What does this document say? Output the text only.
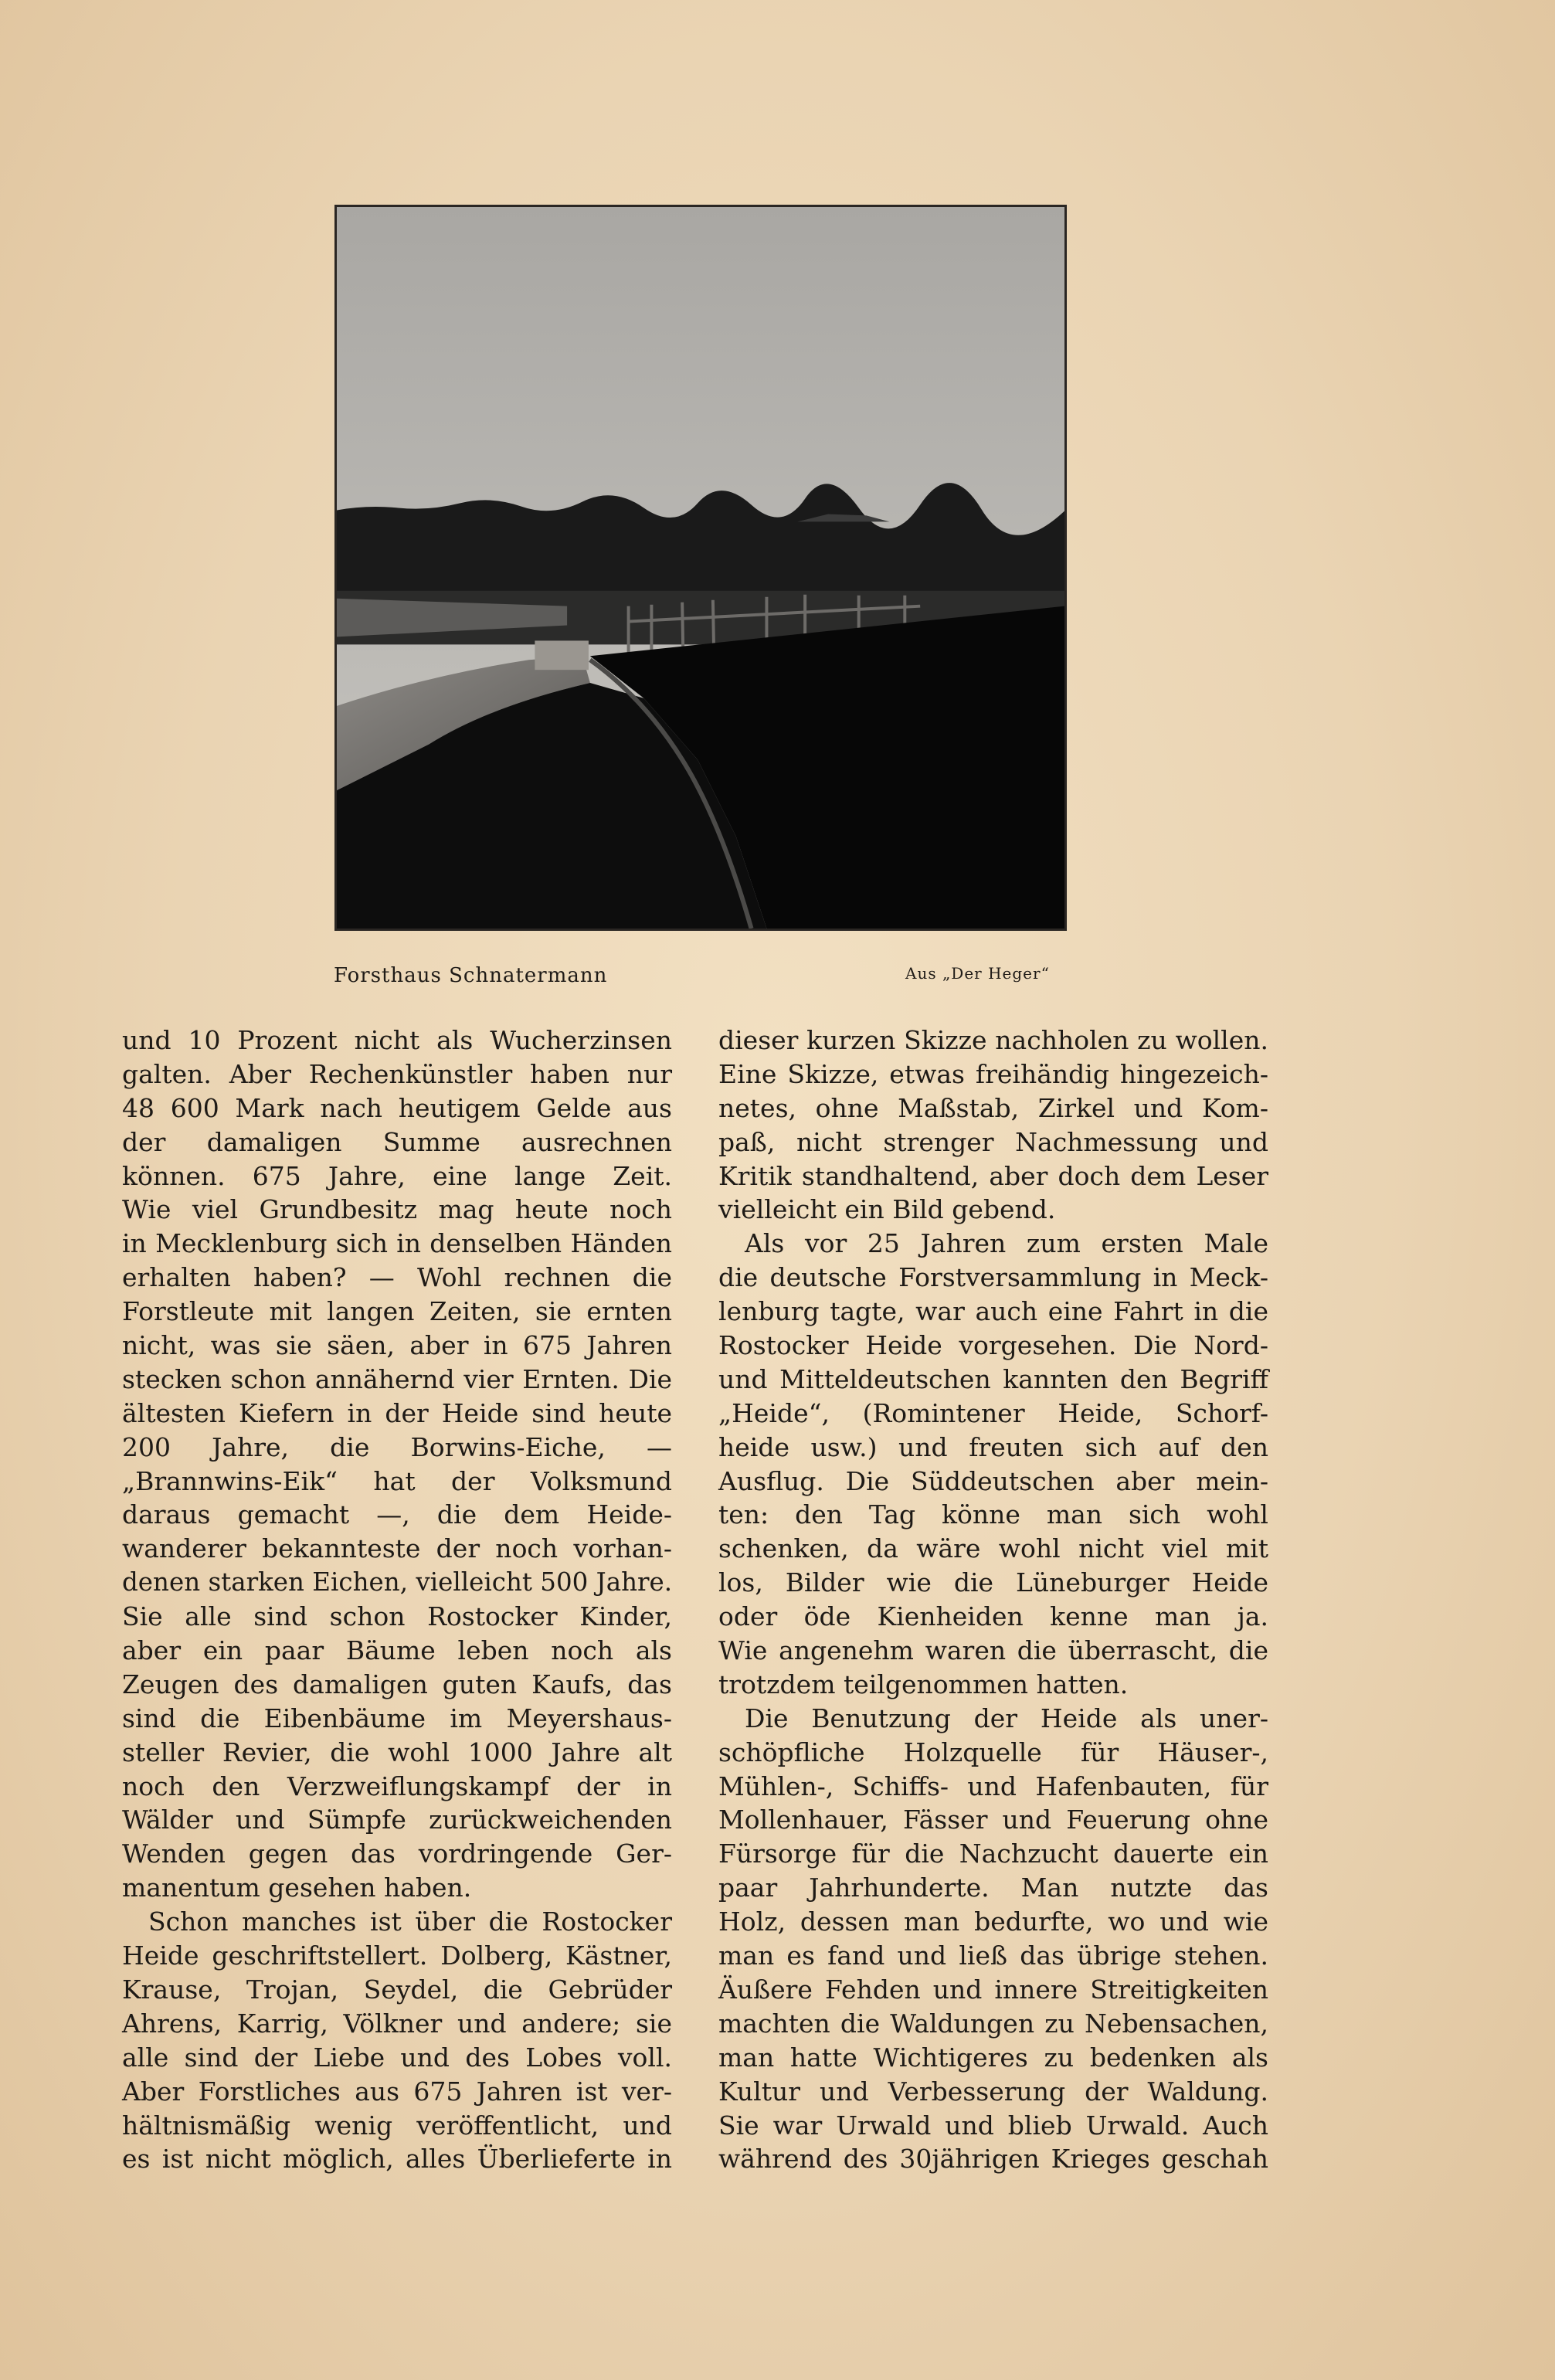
Forsthaus Schnatermann	Aus „Der Heger“
und 10 Prozent nicht als Wucherzinsen
galten. Aber Rechenkünstler haben nur
48 600 Mark nach heutigem Gelde aus
der damaligen Summe ausrechnen
können. 675 Jahre, eine lange Zeit.
Wie viel Grundbesitz mag heute noch
in Mecklenburg sich in denselben Händen
erhalten haben? — Wohl rechnen die
Forstleute mit langen Zeiten, sie ernten
nicht, was sie säen, aber in 675 Jahren
stecken schon annähernd vier Ernten. Die
ältesten Kiefern in der Heide sind heute
200 Jahre, die Borwins-Eiche, —
„Brannwins-Eik“ hat der Volksmund
daraus gemacht —, die dem Heide-
wanderer bekannteste der noch vorhan-
denen starken Eichen, vielleicht 500 Jahre.
Sie alle sind schon Rostocker Kinder,
aber ein paar Bäume leben noch als
Zeugen des damaligen guten Kaufs, das
sind die Eibenbäume im Meyershaus-
steller Revier, die wohl 1000 Jahre alt
noch den Verzweiflungskampf der in
Wälder und Sümpfe zurückweichenden
Wenden gegen das vordringende Ger-
manentum gesehen haben.
Schon manches ist über die Rostocker
Heide geschriftstellert. Dolberg, Kästner,
Krause, Trojan, Seydel, die Gebrüder
Ahrens, Karrig, Völkner und andere; sie
alle sind der Liebe und des Lobes voll.
Aber Forstliches aus 675 Jahren ist ver-
hältnismäßig wenig veröffentlicht, und
es ist nicht möglich, alles Überlieferte in
dieser kurzen Skizze nachholen zu wollen.
Eine Skizze, etwas freihändig hingezeich-
netes, ohne Maßstab, Zirkel und Kom-
paß, nicht strenger Nachmessung und
Kritik standhaltend, aber doch dem Leser
vielleicht ein Bild gebend.
Als vor 25 Jahren zum ersten Male
die deutsche Forstversammlung in Meck-
lenburg tagte, war auch eine Fahrt in die
Rostocker Heide vorgesehen. Die Nord-
und Mitteldeutschen kannten den Begriff
„Heide“, (Romintener Heide, Schorf-
heide usw.) und freuten sich auf den
Ausflug. Die Süddeutschen aber mein-
ten: den Tag könne man sich wohl
schenken, da wäre wohl nicht viel mit
los, Bilder wie die Lüneburger Heide
oder öde Kienheiden kenne man ja.
Wie angenehm waren die überrascht, die
trotzdem teilgenommen hatten.
Die Benutzung der Heide als uner-
schöpfliche Holzquelle für Häuser-,
Mühlen-, Schiffs- und Hafenbauten, für
Mollenhauer, Fässer und Feuerung ohne
Fürsorge für die Nachzucht dauerte ein
paar Jahrhunderte. Man nutzte das
Holz, dessen man bedurfte, wo und wie
man es fand und ließ das übrige stehen.
Äußere Fehden und innere Streitigkeiten
machten die Waldungen zu Nebensachen,
man hatte Wichtigeres zu bedenken als
Kultur und Verbesserung der Waldung.
Sie war Urwald und blieb Urwald. Auch
während des 30jährigen Krieges geschah
